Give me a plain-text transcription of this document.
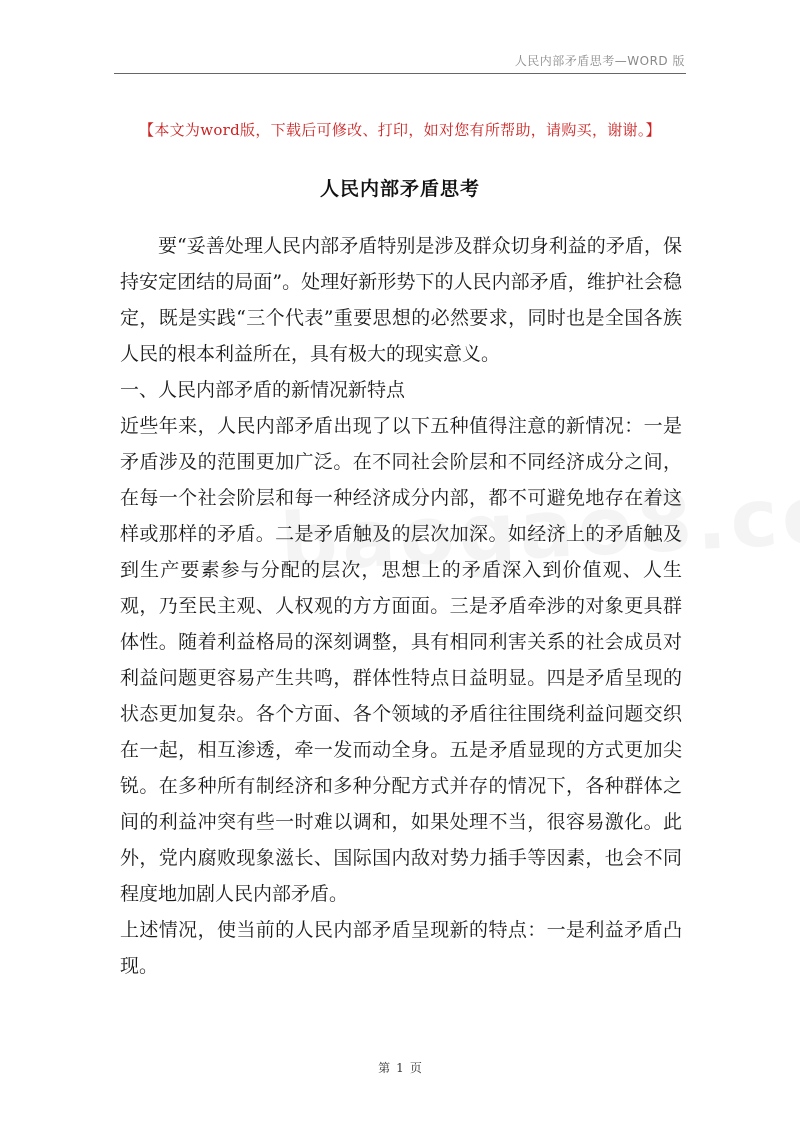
人民内部矛盾思考—WORD 版
【本文为word版，下载后可修改、打印，如对您有所帮助，请购买，谢谢。】
人民内部矛盾思考

要“妥善处理人民内部矛盾特别是涉及群众切身利益的矛盾，保持安定团结的局面”。处理好新形势下的人民内部矛盾，维护社会稳定，既是实践“三个代表”重要思想的必然要求，同时也是全国各族人民的根本利益所在，具有极大的现实意义。

一、人民内部矛盾的新情况新特点

近些年来，人民内部矛盾出现了以下五种值得注意的新情况：一是矛盾涉及的范围更加广泛。在不同社会阶层和不同经济成分之间，在每一个社会阶层和每一种经济成分内部，都不可避免地存在着这样或那样的矛盾。二是矛盾触及的层次加深。如经济上的矛盾触及到生产要素参与分配的层次，思想上的矛盾深入到价值观、人生观，乃至民主观、人权观的方方面面。三是矛盾牵涉的对象更具群体性。随着利益格局的深刻调整，具有相同利害关系的社会成员对利益问题更容易产生共鸣，群体性特点日益明显。四是矛盾呈现的状态更加复杂。各个方面、各个领域的矛盾往往围绕利益问题交织在一起，相互渗透，牵一发而动全身。五是矛盾显现的方式更加尖锐。在多种所有制经济和多种分配方式并存的情况下，各种群体之间的利益冲突有些一时难以调和，如果处理不当，很容易激化。此外，党内腐败现象滋长、国际国内敌对势力插手等因素，也会不同程度地加剧人民内部矛盾。

上述情况，使当前的人民内部矛盾呈现新的特点：一是利益矛盾凸现。

第 1 页
